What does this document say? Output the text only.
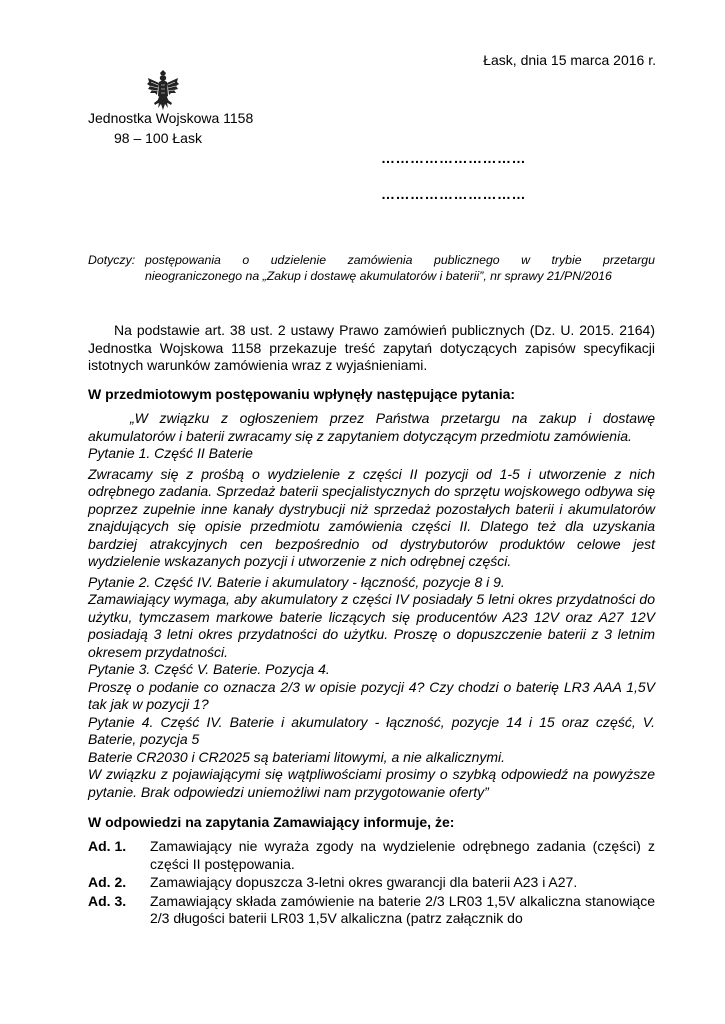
Łask, dnia 15 marca 2016 r.
Jednostka Wojskowa 1158
98 – 100 Łask
…………………………
…………………………
Dotyczy: postępowania o udzielenie zamówienia publicznego w trybie przetargu
nieograniczonego na „Zakup i dostawę akumulatorów i baterii”, nr sprawy 21/PN/2016

Na podstawie art. 38 ust. 2 ustawy Prawo zamówień publicznych (Dz. U. 2015. 2164) Jednostka Wojskowa 1158 przekazuje treść zapytań dotyczących zapisów specyfikacji istotnych warunków zamówienia wraz z wyjaśnieniami.

W przedmiotowym postępowaniu wpłynęły następujące pytania:

„W związku z ogłoszeniem przez Państwa przetargu na zakup i dostawę akumulatorów i baterii zwracamy się z zapytaniem dotyczącym przedmiotu zamówienia.

Pytanie 1. Część II Baterie

Zwracamy się z prośbą o wydzielenie z części II pozycji od 1-5 i utworzenie z nich odrębnego zadania. Sprzedaż baterii specjalistycznych do sprzętu wojskowego odbywa się poprzez zupełnie inne kanały dystrybucji niż sprzedaż pozostałych baterii i akumulatorów znajdujących się opisie przedmiotu zamówienia części II. Dlatego też dla uzyskania bardziej atrakcyjnych cen bezpośrednio od dystrybutorów produktów celowe jest wydzielenie wskazanych pozycji i utworzenie z nich odrębnej części.

Pytanie 2. Część IV. Baterie i akumulatory - łączność, pozycje 8 i 9.

Zamawiający wymaga, aby akumulatory z części IV posiadały 5 letni okres przydatności do użytku, tymczasem markowe baterie liczących się producentów A23 12V oraz A27 12V posiadają 3 letni okres przydatności do użytku. Proszę o dopuszczenie baterii z 3 letnim okresem przydatności.

Pytanie 3. Część V. Baterie. Pozycja 4.

Proszę o podanie co oznacza 2/3 w opisie pozycji 4? Czy chodzi o baterię LR3 AAA 1,5V tak jak w pozycji 1?

Pytanie 4. Część IV. Baterie i akumulatory - łączność, pozycje 14 i 15 oraz część, V. Baterie, pozycja 5

Baterie CR2030 i CR2025 są bateriami litowymi, a nie alkalicznymi.

W związku z pojawiającymi się wątpliwościami prosimy o szybką odpowiedź na powyższe pytanie. Brak odpowiedzi uniemożliwi nam przygotowanie oferty”

W odpowiedzi na zapytania Zamawiający informuje, że:
Ad. 1. Zamawiający nie wyraża zgody na wydzielenie odrębnego zadania (części) z części II postępowania.
Ad. 2. Zamawiający dopuszcza 3-letni okres gwarancji dla baterii A23 i A27.
Ad. 3. Zamawiający składa zamówienie na baterie 2/3 LR03 1,5V alkaliczna stanowiące 2/3 długości baterii LR03 1,5V alkaliczna (patrz załącznik do
